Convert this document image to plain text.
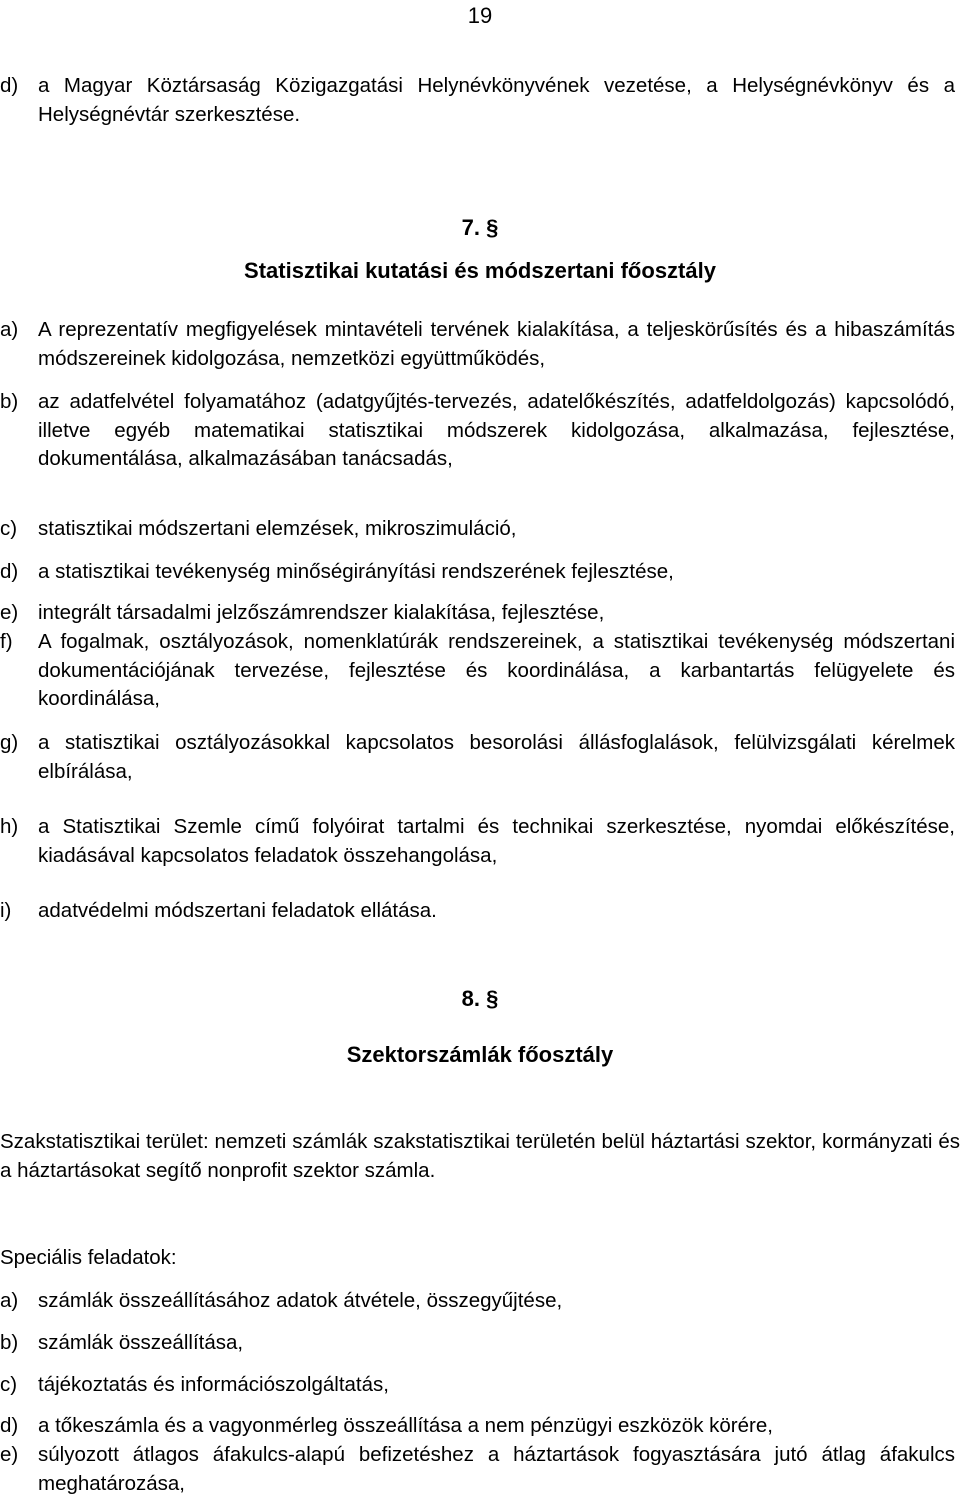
19
d) a Magyar Köztársaság Közigazgatási Helynévkönyvének vezetése, a Helységnévkönyv és a Helységnévtár szerkesztése.
7. §
Statisztikai kutatási és módszertani főosztály
a) A reprezentatív megfigyelések mintavételi tervének kialakítása, a teljeskörűsítés és a hibaszámítás módszereinek kidolgozása, nemzetközi együttműködés,
b) az adatfelvétel folyamatához (adatgyűjtés-tervezés, adatelőkészítés, adatfeldolgozás) kapcsolódó, illetve egyéb matematikai statisztikai módszerek kidolgozása, alkalmazása, fejlesztése, dokumentálása, alkalmazásában tanácsadás,
c) statisztikai módszertani elemzések, mikroszimuláció,
d) a statisztikai tevékenység minőségirányítási rendszerének fejlesztése,
e) integrált társadalmi jelzőszámrendszer kialakítása, fejlesztése,
f) A fogalmak, osztályozások, nomenklatúrák rendszereinek, a statisztikai tevékenység módszertani dokumentációjának tervezése, fejlesztése és koordinálása, a karbantartás felügyelete és koordinálása,
g) a statisztikai osztályozásokkal kapcsolatos besorolási állásfoglalások, felülvizsgálati kérelmek elbírálása,
h) a Statisztikai Szemle című folyóirat tartalmi és technikai szerkesztése, nyomdai előkészítése, kiadásával kapcsolatos feladatok összehangolása,
i) adatvédelmi módszertani feladatok ellátása.
8. §
Szektorszámlák főosztály
Szakstatisztikai terület: nemzeti számlák szakstatisztikai területén belül háztartási szektor, kormányzati és a háztartásokat segítő nonprofit szektor számla.
Speciális feladatok:
a) számlák összeállításához adatok átvétele, összegyűjtése,
b) számlák összeállítása,
c) tájékoztatás és információszolgáltatás,
d) a tőkeszámla és a vagyonmérleg összeállítása a nem pénzügyi eszközök körére,
e) súlyozott átlagos áfakulcs-alapú befizetéshez a háztartások fogyasztására jutó átlag áfakulcs meghatározása,
